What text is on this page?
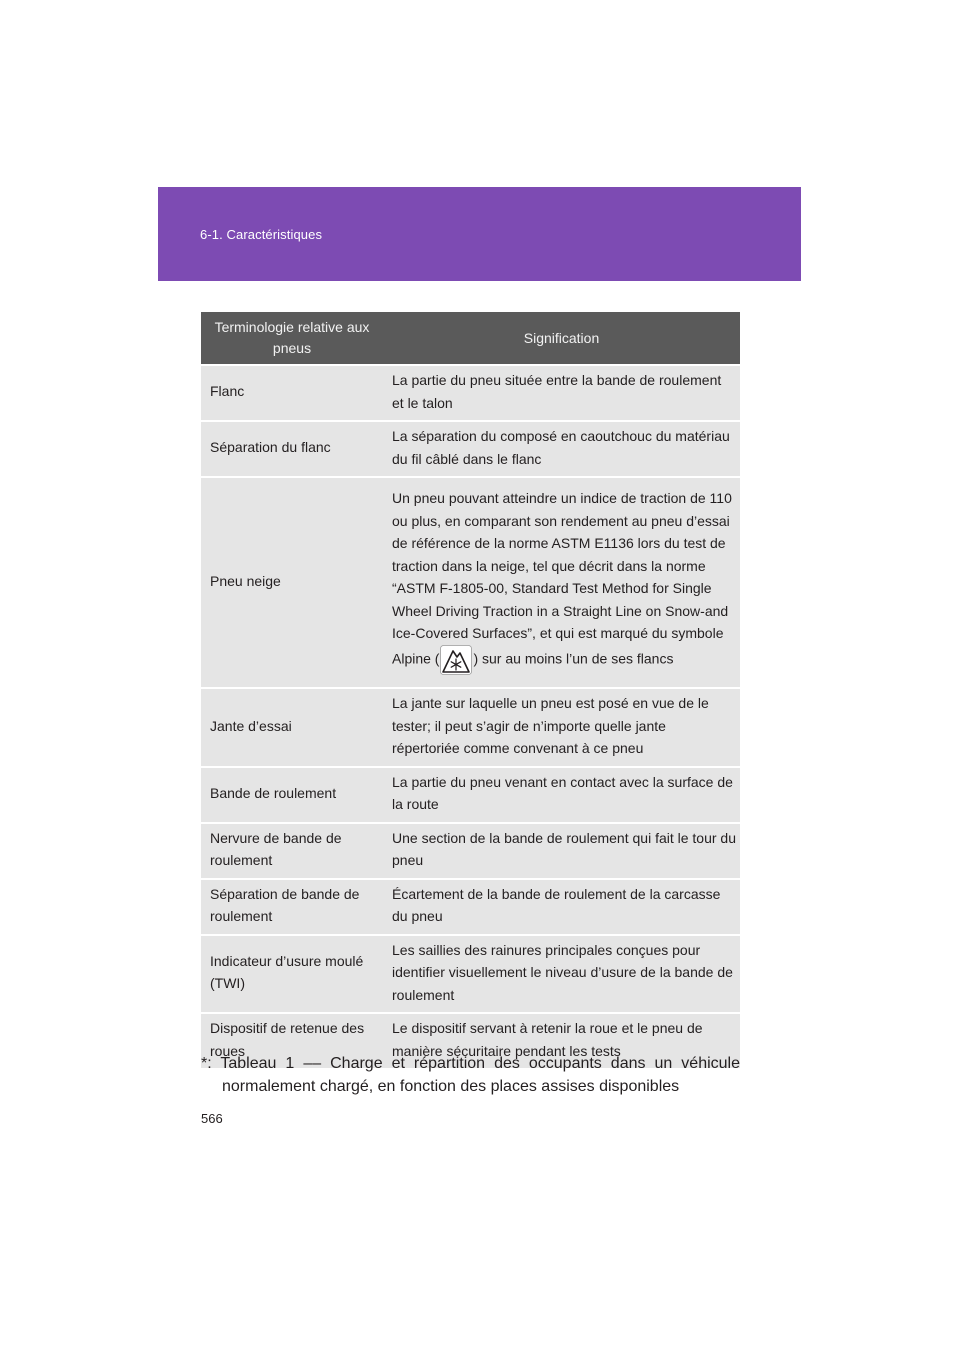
6-1. Caractéristiques
Terminologie relative aux pneus	Signification
Flanc	La partie du pneu située entre la bande de roulement et le talon
Séparation du flanc	La séparation du composé en caoutchouc du matériau du fil câblé dans le flanc
Pneu neige	Un pneu pouvant atteindre un indice de traction de 110 ou plus, en comparant son rendement au pneu d’essai de référence de la norme ASTM E1136 lors du test de traction dans la neige, tel que décrit dans la norme “ASTM F-1805-00, Standard Test Method for Single Wheel Driving Traction in a Straight Line on Snow-and Ice-Covered Surfaces”, et qui est marqué du symbole Alpine ( ) sur au moins l’un de ses flancs
Jante d’essai	La jante sur laquelle un pneu est posé en vue de le tester; il peut s’agir de n’importe quelle jante répertoriée comme convenant à ce pneu
Bande de roulement	La partie du pneu venant en contact avec la surface de la route
Nervure de bande de roulement	Une section de la bande de roulement qui fait le tour du pneu
Séparation de bande de roulement	Écartement de la bande de roulement de la carcasse du pneu
Indicateur d’usure moulé (TWI)	Les saillies des rainures principales conçues pour identifier visuellement le niveau d’usure de la bande de roulement
Dispositif de retenue des roues	Le dispositif servant à retenir la roue et le pneu de manière sécuritaire pendant les tests
*: Tableau 1 –– Charge et répartition des occupants dans un véhicule normalement chargé, en fonction des places assises disponibles
566
